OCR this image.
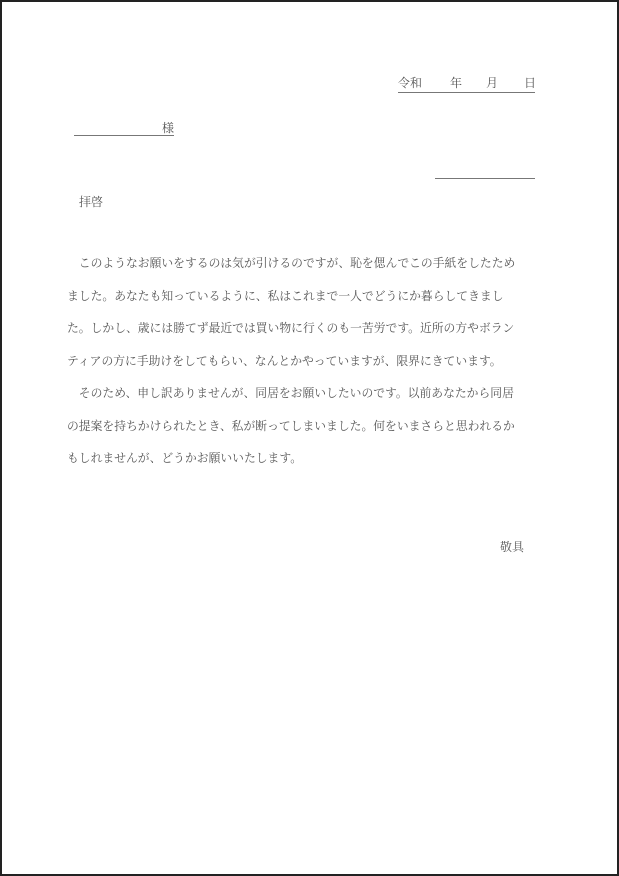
令和 年 月 日
様
拝啓
　このようなお願いをするのは気が引けるのですが、恥を偲んでこの手紙をしたため
ました。あなたも知っているように、私はこれまで一人でどうにか暮らしてきまし
た。しかし、歳には勝てず最近では買い物に行くのも一苦労です。近所の方やボラン
ティアの方に手助けをしてもらい、なんとかやっていますが、限界にきています。
　そのため、申し訳ありませんが、同居をお願いしたいのです。以前あなたから同居
の提案を持ちかけられたとき、私が断ってしまいました。何をいまさらと思われるか
もしれませんが、どうかお願いいたします。
敬具
